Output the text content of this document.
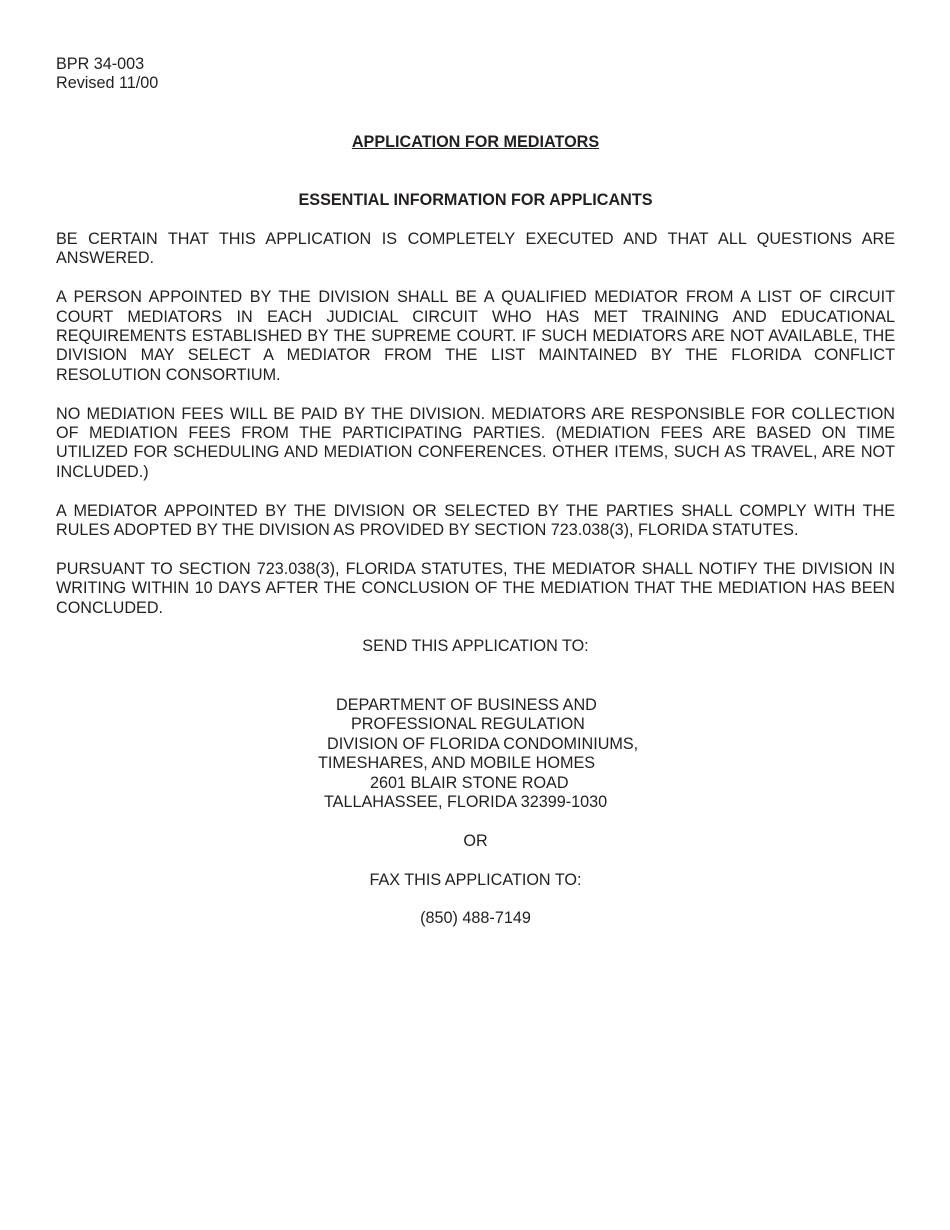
BPR 34-003
Revised 11/00
APPLICATION FOR MEDIATORS
ESSENTIAL INFORMATION FOR APPLICANTS
BE CERTAIN THAT THIS APPLICATION IS COMPLETELY EXECUTED AND THAT ALL QUESTIONS ARE ANSWERED.
A PERSON APPOINTED BY THE DIVISION SHALL BE A QUALIFIED MEDIATOR FROM A LIST OF CIRCUIT COURT MEDIATORS IN EACH JUDICIAL CIRCUIT WHO HAS MET TRAINING AND EDUCATIONAL REQUIREMENTS ESTABLISHED BY THE SUPREME COURT. IF SUCH MEDIATORS ARE NOT AVAILABLE, THE DIVISION MAY SELECT A MEDIATOR FROM THE LIST MAINTAINED BY THE FLORIDA CONFLICT RESOLUTION CONSORTIUM.
NO MEDIATION FEES WILL BE PAID BY THE DIVISION. MEDIATORS ARE RESPONSIBLE FOR COLLECTION OF MEDIATION FEES FROM THE PARTICIPATING PARTIES. (MEDIATION FEES ARE BASED ON TIME UTILIZED FOR SCHEDULING AND MEDIATION CONFERENCES. OTHER ITEMS, SUCH AS TRAVEL, ARE NOT INCLUDED.)
A MEDIATOR APPOINTED BY THE DIVISION OR SELECTED BY THE PARTIES SHALL COMPLY WITH THE RULES ADOPTED BY THE DIVISION AS PROVIDED BY SECTION 723.038(3), FLORIDA STATUTES.
PURSUANT TO SECTION 723.038(3), FLORIDA STATUTES, THE MEDIATOR SHALL NOTIFY THE DIVISION IN WRITING WITHIN 10 DAYS AFTER THE CONCLUSION OF THE MEDIATION THAT THE MEDIATION HAS BEEN CONCLUDED.
SEND THIS APPLICATION TO:
DEPARTMENT OF BUSINESS AND
PROFESSIONAL REGULATION
DIVISION OF FLORIDA CONDOMINIUMS,
TIMESHARES, AND MOBILE HOMES
2601 BLAIR STONE ROAD
TALLAHASSEE, FLORIDA 32399-1030
OR
FAX THIS APPLICATION TO:
(850) 488-7149
